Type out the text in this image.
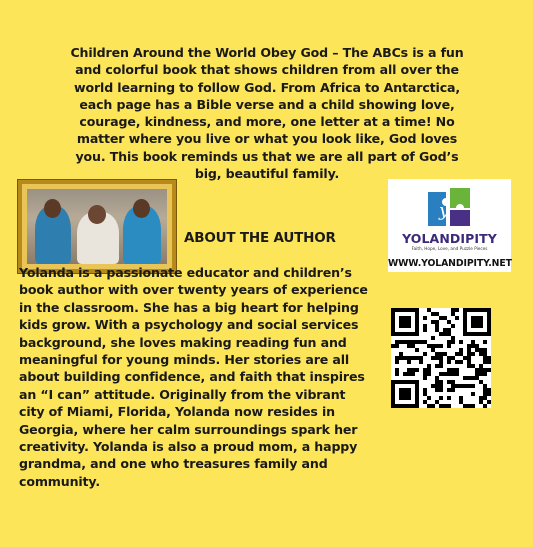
Children Around the World Obey God – The ABCs is a fun and colorful book that shows children from all over the world learning to follow God. From Africa to Antarctica, each page has a Bible verse and a child showing love, courage, kindness, and more, one letter at a time! No matter where you live or what you look like, God loves you. This book reminds us that we are all part of God’s big, beautiful family.
ABOUT THE AUTHOR
Yolanda is a passionate educator and children’s book author with over twenty years of experience in the classroom. She has a big heart for helping kids grow. With a psychology and social services background, she loves making reading fun and meaningful for young minds. Her stories are all about building confidence, and faith that inspires an “I can” attitude. Originally from the vibrant city of Miami, Florida, Yolanda now resides in Georgia, where her calm surroundings spark her creativity. Yolanda is also a proud mom, a happy grandma, and one who treasures family and community.
y
YOLANDIPITY
Faith, Hope, Love, and Puzzle Pieces
WWW.YOLANDIPITY.NET
